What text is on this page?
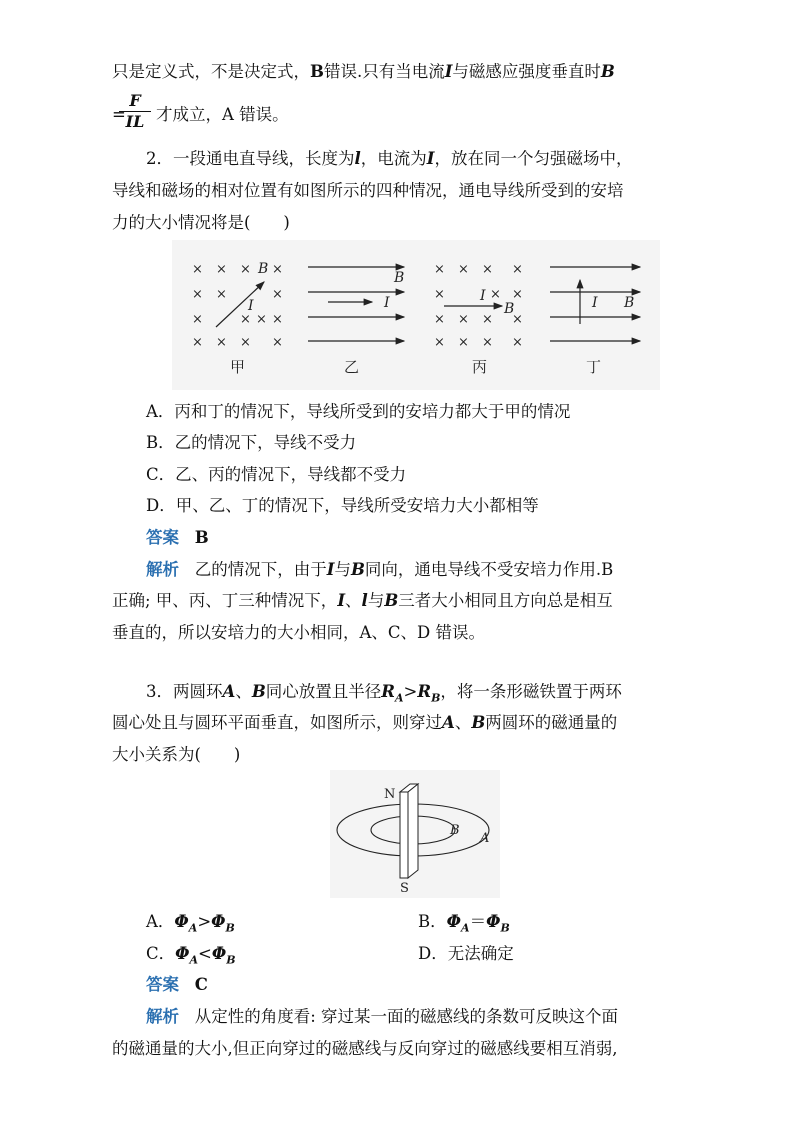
只是定义式，不是决定式，B错误.只有当电流I与磁感应强度垂直时B
=
F
IL 才成立，A 错误。
2．一段通电直导线，长度为l，电流为I，放在同一个匀强磁场中，
导线和磁场的相对位置有如图所示的四种情况，通电导线所受到的安培
力的大小情况将是(　　)
× × × ×
× ×	×
×	× × ×
× × × ×
B
I
甲
B
I
乙
× × × ×
×	× ×
× × × ×
× × × ×
I
B
丙
I B
丁
A．丙和丁的情况下，导线所受到的安培力都大于甲的情况
B．乙的情况下，导线不受力
C．乙、丙的情况下，导线都不受力
D．甲、乙、丁的情况下，导线所受安培力大小都相等
答案 B
解析 乙的情况下，由于I与B同向，通电导线不受安培力作用.B
正确; 甲、丙、丁三种情况下，I、l与B三者大小相同且方向总是相互
垂直的，所以安培力的大小相同，A、C、D 错误。
3．两圆环A、B同心放置且半径$R_A>R_B$，将一条形磁铁置于两环
圆心处且与圆环平面垂直，如图所示，则穿过A、B两圆环的磁通量的
大小关系为(　　)
N
S
B
A
A．$\Phi_A>\Phi_B$	B．$\Phi_A=\Phi_B$
C．$\Phi_A<\Phi_B$	D．无法确定
答案 C
解析 从定性的角度看: 穿过某一面的磁感线的条数可反映这个面
的磁通量的大小,但正向穿过的磁感线与反向穿过的磁感线要相互消弱,
